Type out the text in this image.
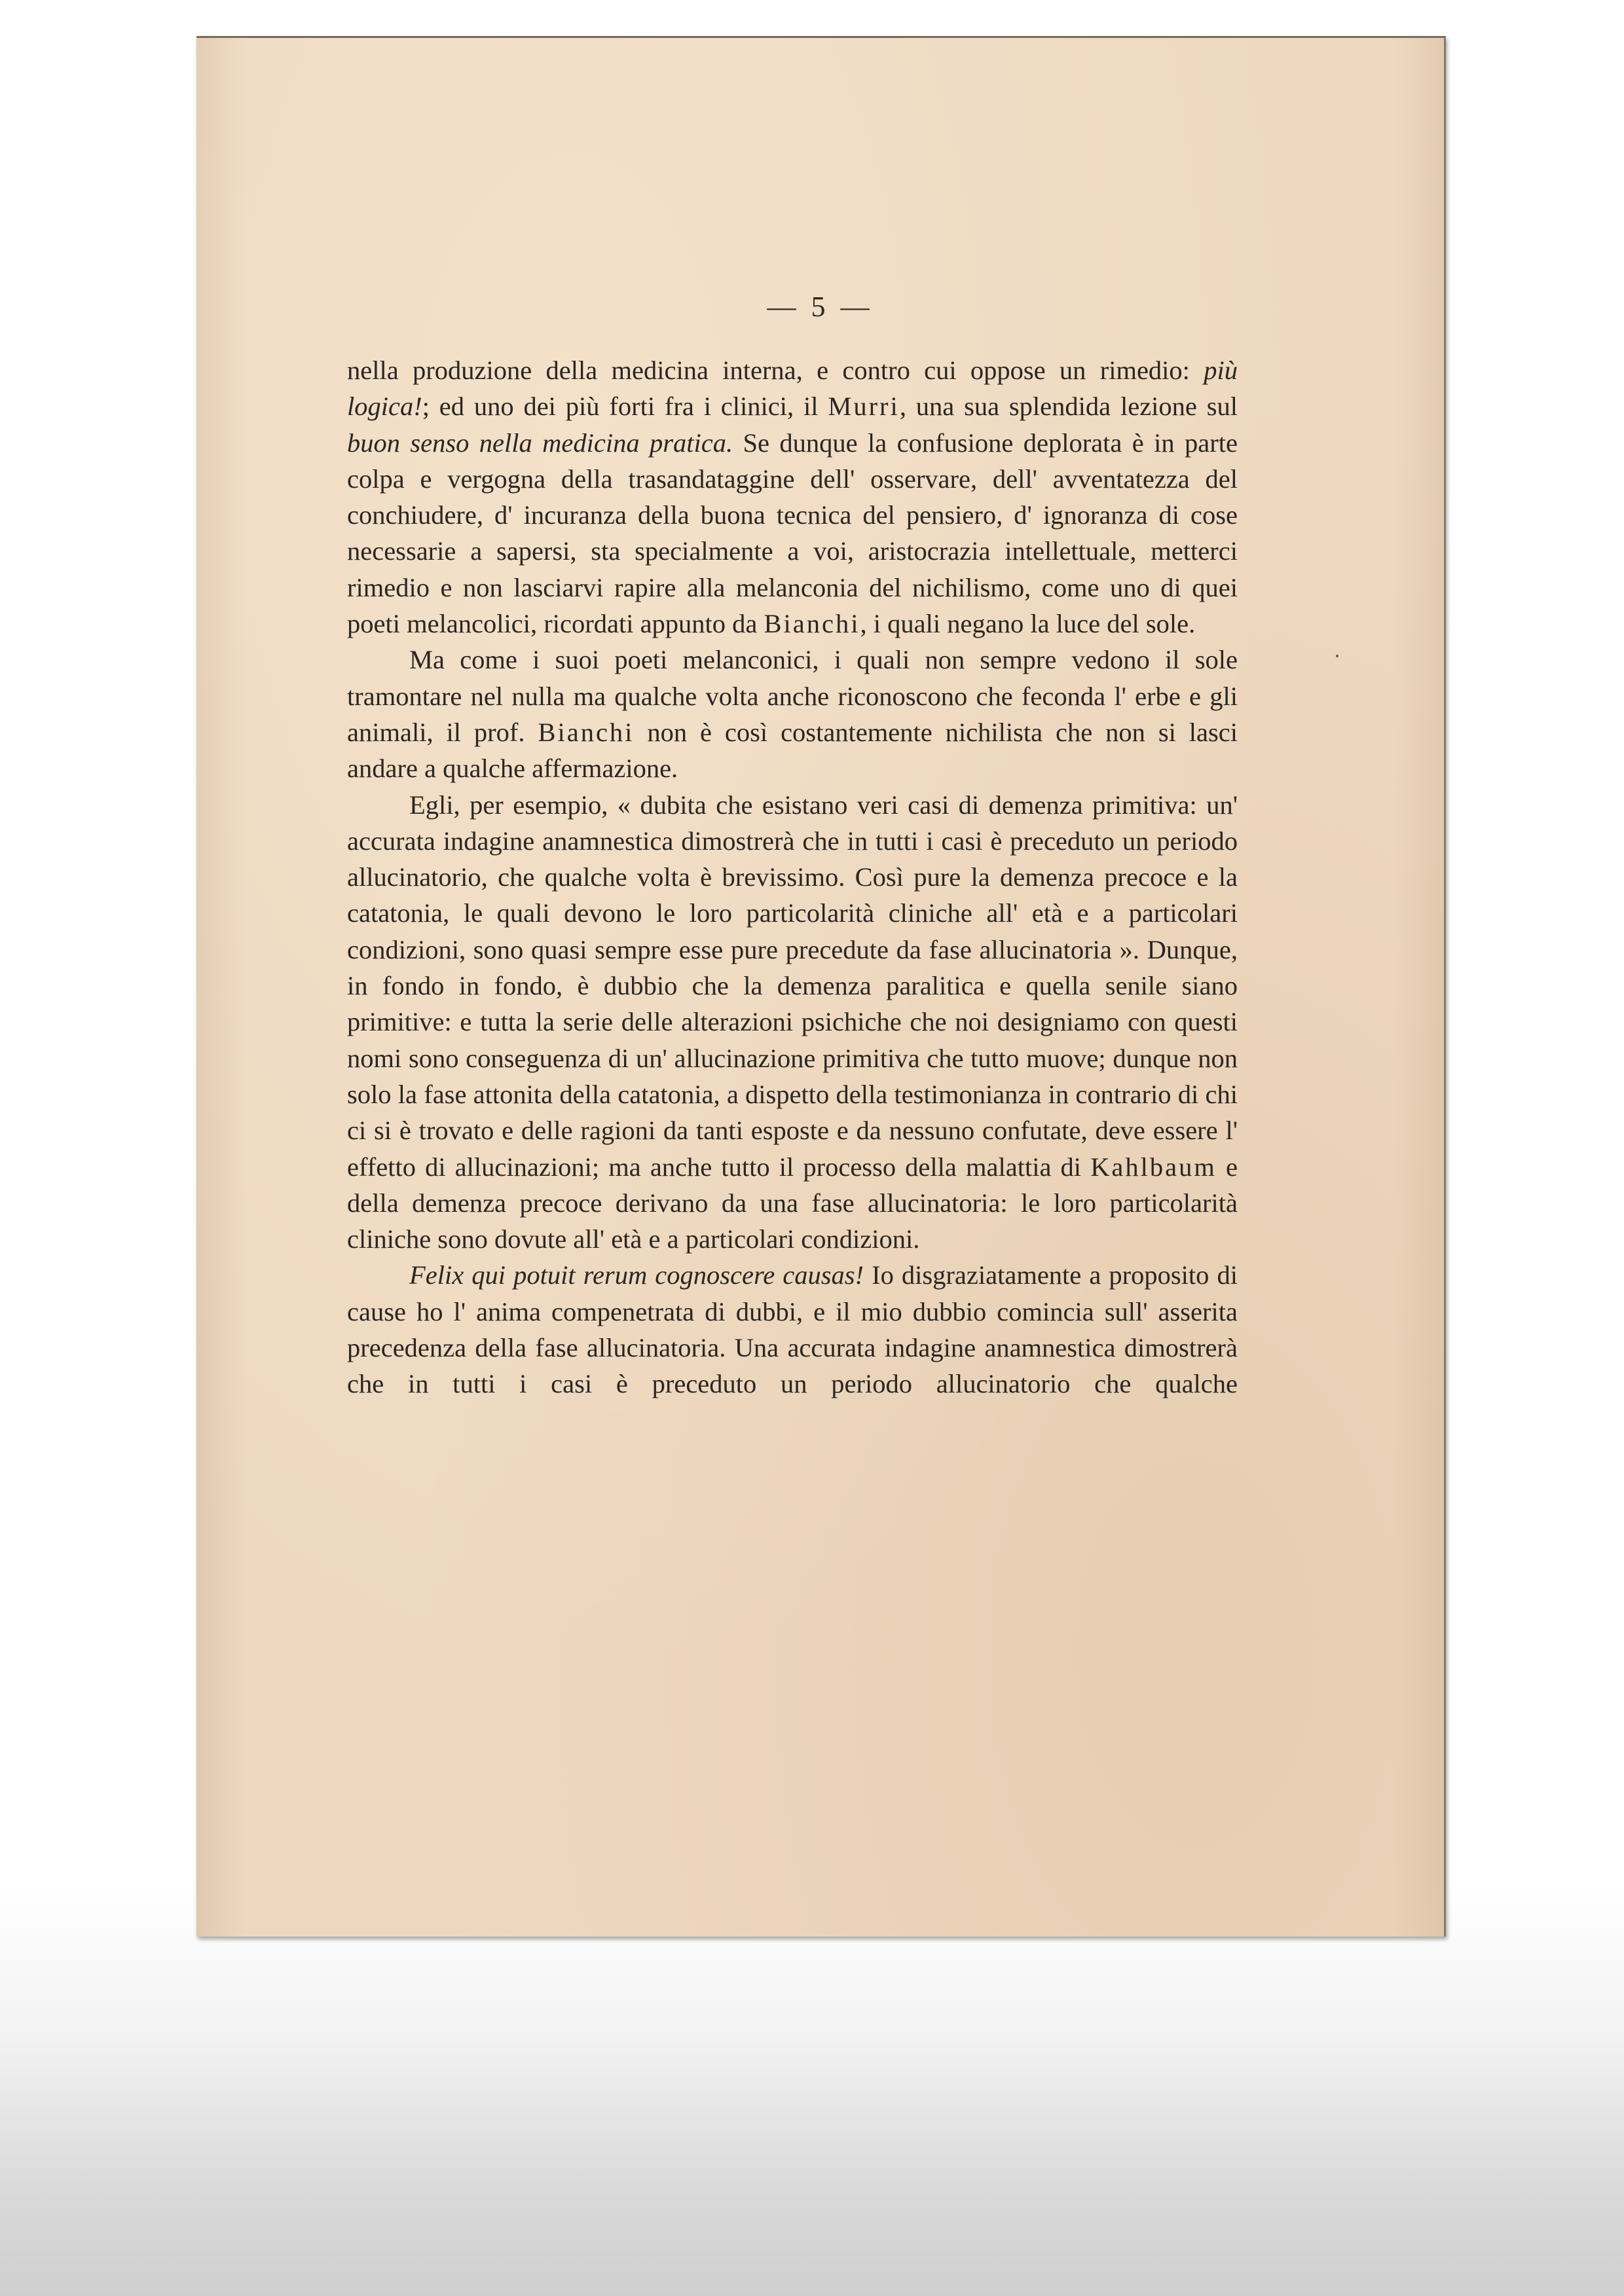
— 5 —

nella produzione della medicina interna, e contro cui oppose un rimedio: più logica!; ed uno dei più forti fra i clinici, il Murri, una sua splendida lezione sul buon senso nella medicina pratica. Se dunque la confusione deplorata è in parte colpa e vergogna della trasandataggine dell' osservare, dell' avventatezza del conchiudere, d' incuranza della buona tecnica del pensiero, d' ignoranza di cose necessarie a sapersi, sta specialmente a voi, aristocrazia intellettuale, metterci rimedio e non lasciarvi rapire alla melanconia del nichilismo, come uno di quei poeti melancolici, ricordati appunto da Bianchi, i quali negano la luce del sole.

Ma come i suoi poeti melanconici, i quali non sempre vedono il sole tramontare nel nulla ma qualche volta anche riconoscono che feconda l' erbe e gli animali, il prof. Bianchi non è così costantemente nichilista che non si lasci andare a qualche affermazione.

Egli, per esempio, « dubita che esistano veri casi di demenza primitiva: un' accurata indagine anamnestica dimostrerà che in tutti i casi è preceduto un periodo allucinatorio, che qualche volta è brevissimo. Così pure la demenza precoce e la catatonia, le quali devono le loro particolarità cliniche all' età e a particolari condizioni, sono quasi sempre esse pure precedute da fase allucinatoria ». Dunque, in fondo in fondo, è dubbio che la demenza paralitica e quella senile siano primitive: e tutta la serie delle alterazioni psichiche che noi designiamo con questi nomi sono conseguenza di un' allucinazione primitiva che tutto muove; dunque non solo la fase attonita della catatonia, a dispetto della testimonianza in contrario di chi ci si è trovato e delle ragioni da tanti esposte e da nessuno confutate, deve essere l' effetto di allucinazioni; ma anche tutto il processo della malattia di Kahlbaum e della demenza precoce derivano da una fase allucinatoria: le loro particolarità cliniche sono dovute all' età e a particolari condizioni.

Felix qui potuit rerum cognoscere causas! Io disgraziatamente a proposito di cause ho l' anima compenetrata di dubbi, e il mio dubbio comincia sull' asserita precedenza della fase allucinatoria. Una accurata indagine anamnestica dimostrerà che in tutti i casi è preceduto un periodo allucinatorio che qualche
